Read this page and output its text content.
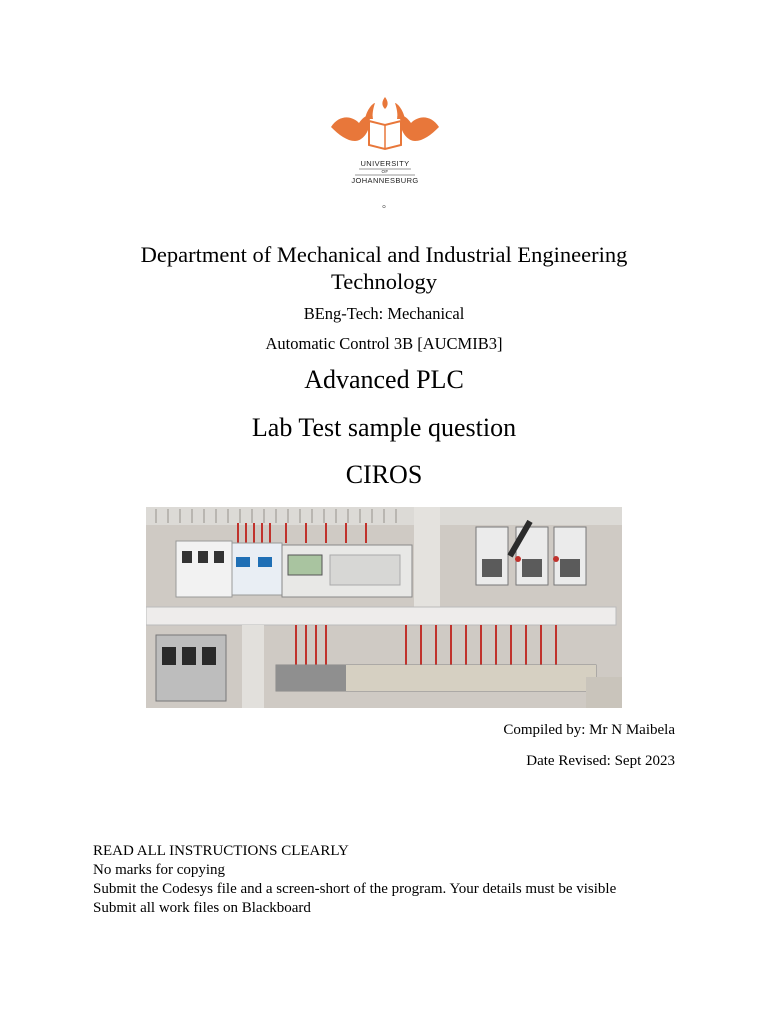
UNIVERSITY
OF
JOHANNESBURG
°
Department of Mechanical and Industrial Engineering Technology
BEng-Tech: Mechanical
Automatic Control 3B [AUCMIB3]
Advanced PLC
Lab Test sample question
CIROS
Compiled by: Mr N Maibela
Date Revised: Sept 2023
READ ALL INSTRUCTIONS CLEARLY
No marks for copying
Submit the Codesys file and a screen-short of the program. Your details must be visible
Submit all work files on Blackboard
